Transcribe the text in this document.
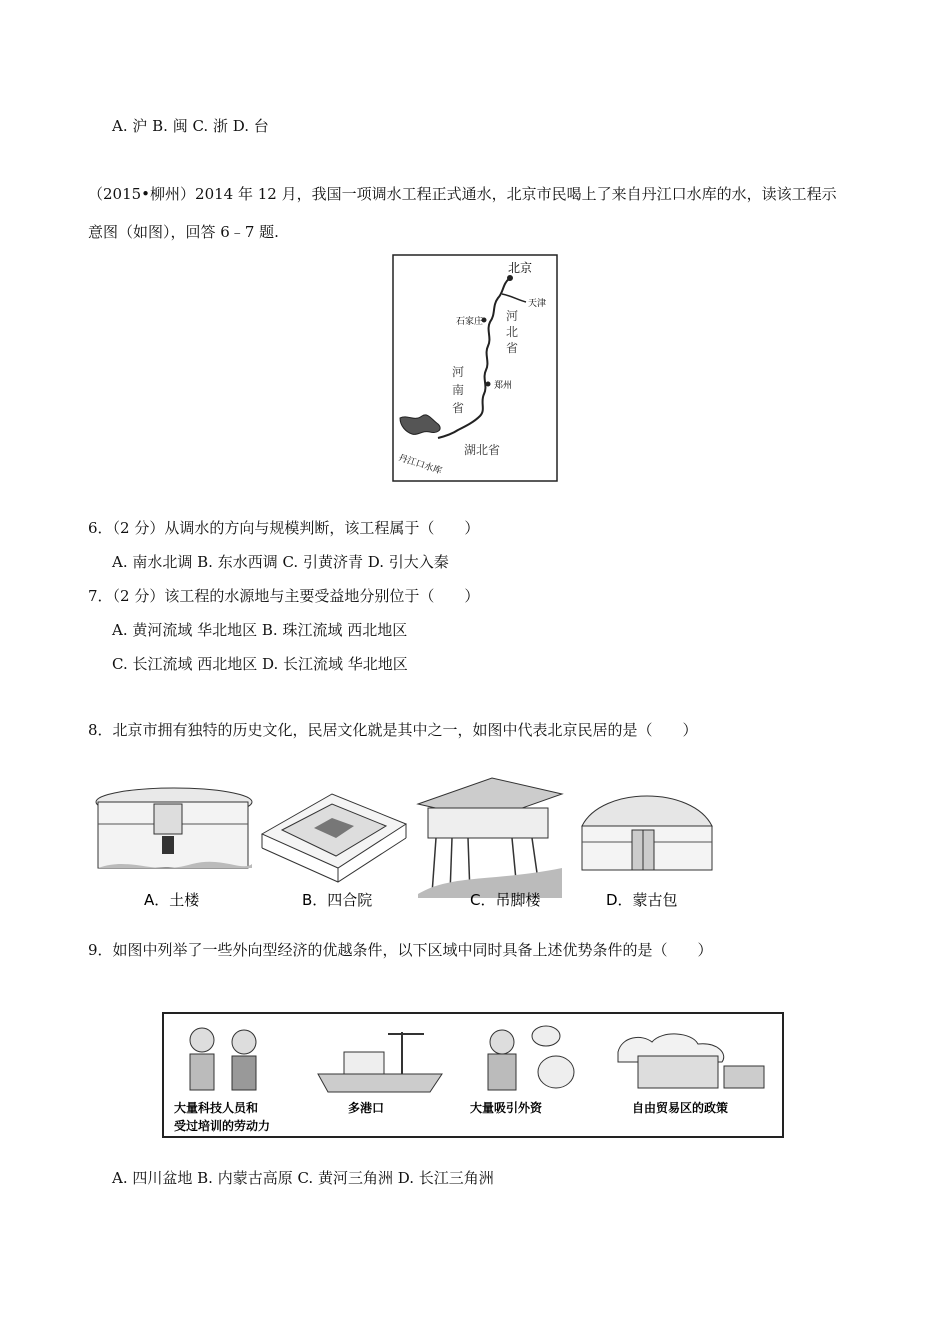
A. 沪 B. 闽 C. 浙 D. 台
（2015•柳州）2014 年 12 月，我国一项调水工程正式通水，北京市民喝上了来自丹江口水库的水，读该工程示
意图（如图），回答 6﹣7 题.
北京
天津
石家庄 河
北
省
河
南
省
郑州
湖北省
丹江口水库
6．（2 分）从调水的方向与规模判断，该工程属于（　　）
A. 南水北调 B. 东水西调 C. 引黄济青 D. 引大入秦
7．（2 分）该工程的水源地与主要受益地分别位于（　　）
A. 黄河流域 华北地区 B. 珠江流域 西北地区
C. 长江流域 西北地区 D. 长江流域 华北地区
8．北京市拥有独特的历史文化，民居文化就是其中之一，如图中代表北京民居的是（　　）
A．土楼	B．四合院	C．吊脚楼	D．蒙古包
9．如图中列举了一些外向型经济的优越条件，以下区域中同时具备上述优势条件的是（　　）
大量科技人员和
受过培训的劳动力
多港口	大量吸引外资	自由贸易区的政策
A. 四川盆地 B. 内蒙古高原 C. 黄河三角洲 D. 长江三角洲
